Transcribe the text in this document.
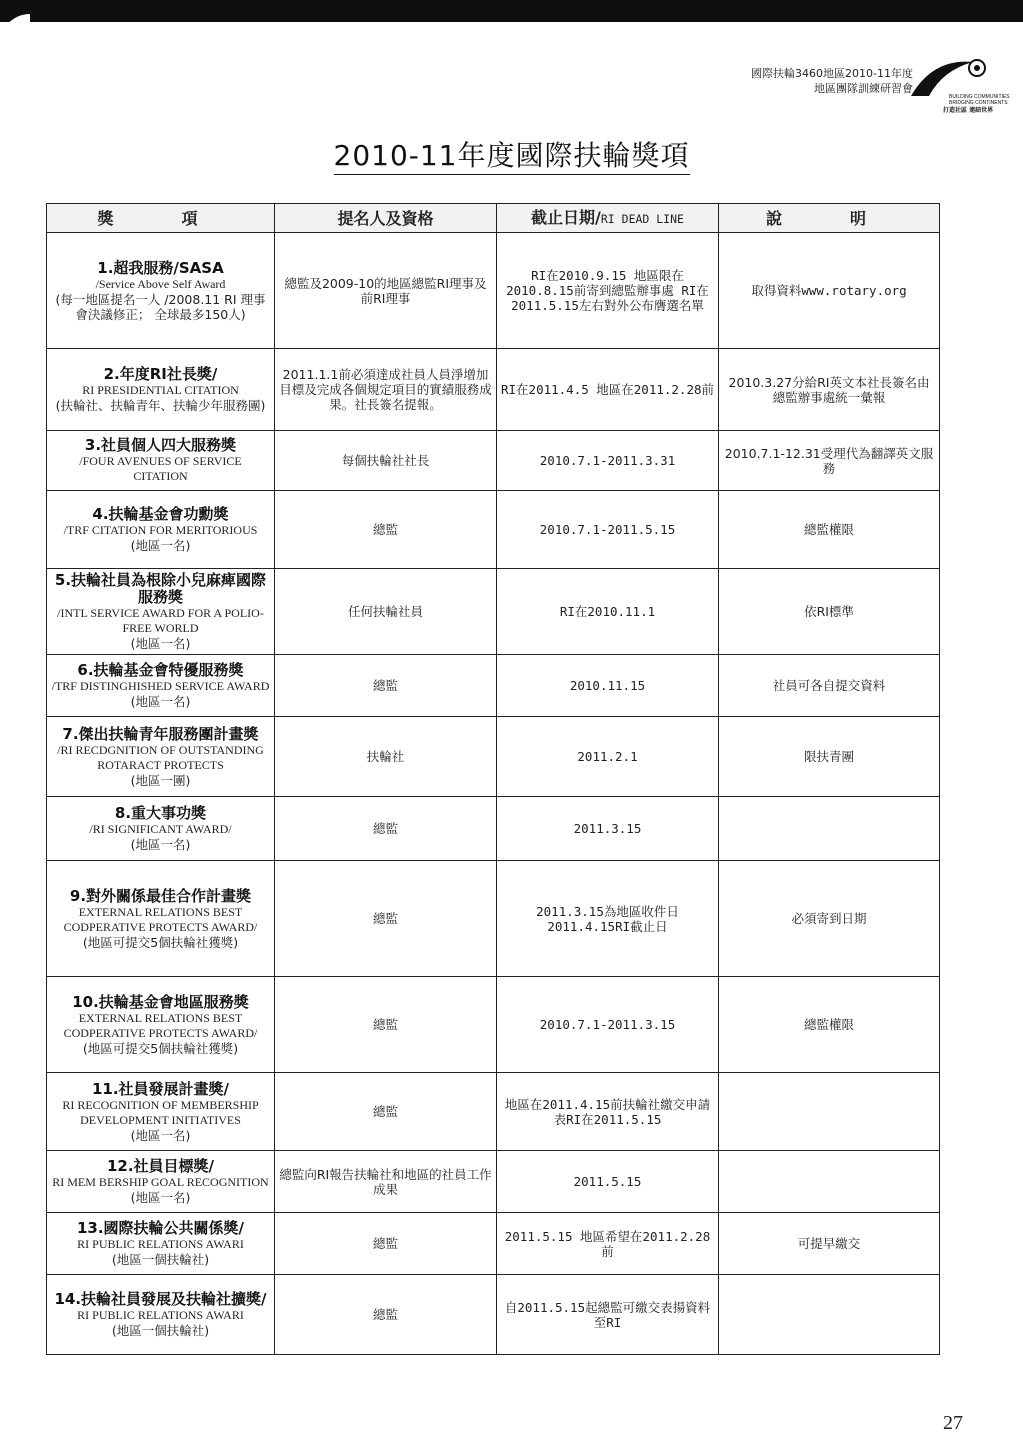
國際扶輪3460地區2010-11年度
地區團隊訓練研習會
BUILDING COMMUNITIES
BRIDGING CONTINENTS
打造社區 連結世界
2010-11年度國際扶輪獎項
獎　項	提名人及資格	截止日期/RI DEAD LINE	說　明

1.超我服務/SASA
/Service Above Self Award
(每一地區提名一人 /2008.11 RI 理事會決議修正； 全球最多150人)	總監及2009-10的地區總監RI理事及前RI理事	RI在2010.9.15 地區限在2010.8.15前寄到總監辦事處 RI在2011.5.15左右對外公布膺選名單	取得資料www.rotary.org

2.年度RI社長獎/
RI PRESIDENTIAL CITATION
(扶輪社、扶輪青年、扶輪少年服務團)	2011.1.1前必須達成社員人員淨增加目標及完成各個規定項目的實績服務成果。社長簽名提報。	RI在2011.4.5 地區在2011.2.28前	2010.3.27分給RI英文本社長簽名由總監辦事處統一彙報

3.社員個人四大服務獎
/FOUR AVENUES OF SERVICE CITATION	每個扶輪社社長	2010.7.1-2011.3.31	2010.7.1-12.31受理代為翻譯英文服務

4.扶輪基金會功勳獎
/TRF CITATION FOR MERITORIOUS
(地區一名)	總監	2010.7.1-2011.5.15	總監權限

5.扶輪社員為根除小兒麻痺國際服務獎
/INTL SERVICE AWARD FOR A POLIO-FREE WORLD
(地區一名)	任何扶輪社員	RI在2010.11.1	依RI標準

6.扶輪基金會特優服務獎
/TRF DISTINGHISHED SERVICE AWARD
(地區一名)	總監	2010.11.15	社員可各自提交資料

7.傑出扶輪青年服務團計畫獎
/RI RECDGNITION OF OUTSTANDING ROTARACT PROTECTS
(地區一團)	扶輪社	2011.2.1	限扶青團

8.重大事功獎
/RI SIGNIFICANT AWARD/
(地區一名)	總監	2011.3.15	

9.對外關係最佳合作計畫獎
EXTERNAL RELATIONS BEST CODPERATIVE PROTECTS AWARD/
(地區可提交5個扶輪社獲獎)	總監	2011.3.15為地區收件日 2011.4.15RI截止日	必須寄到日期

10.扶輪基金會地區服務獎
EXTERNAL RELATIONS BEST CODPERATIVE PROTECTS AWARD/
(地區可提交5個扶輪社獲獎)	總監	2010.7.1-2011.3.15	總監權限

11.社員發展計畫獎/
RI RECOGNITION OF MEMBERSHIP DEVELOPMENT INITIATIVES
(地區一名)	總監	地區在2011.4.15前扶輪社繳交申請表RI在2011.5.15	

12.社員目標獎/
RI MEM BERSHIP GOAL RECOGNITION
(地區一名)	總監向RI報告扶輪社和地區的社員工作成果	2011.5.15	

13.國際扶輪公共關係獎/
RI PUBLIC RELATIONS AWARI
(地區一個扶輪社)	總監	2011.5.15 地區希望在2011.2.28前	可提早繳交

14.扶輪社員發展及扶輪社擴獎/
RI PUBLIC RELATIONS AWARI
(地區一個扶輪社)	總監	自2011.5.15起總監可繳交表揚資料至RI	
27
